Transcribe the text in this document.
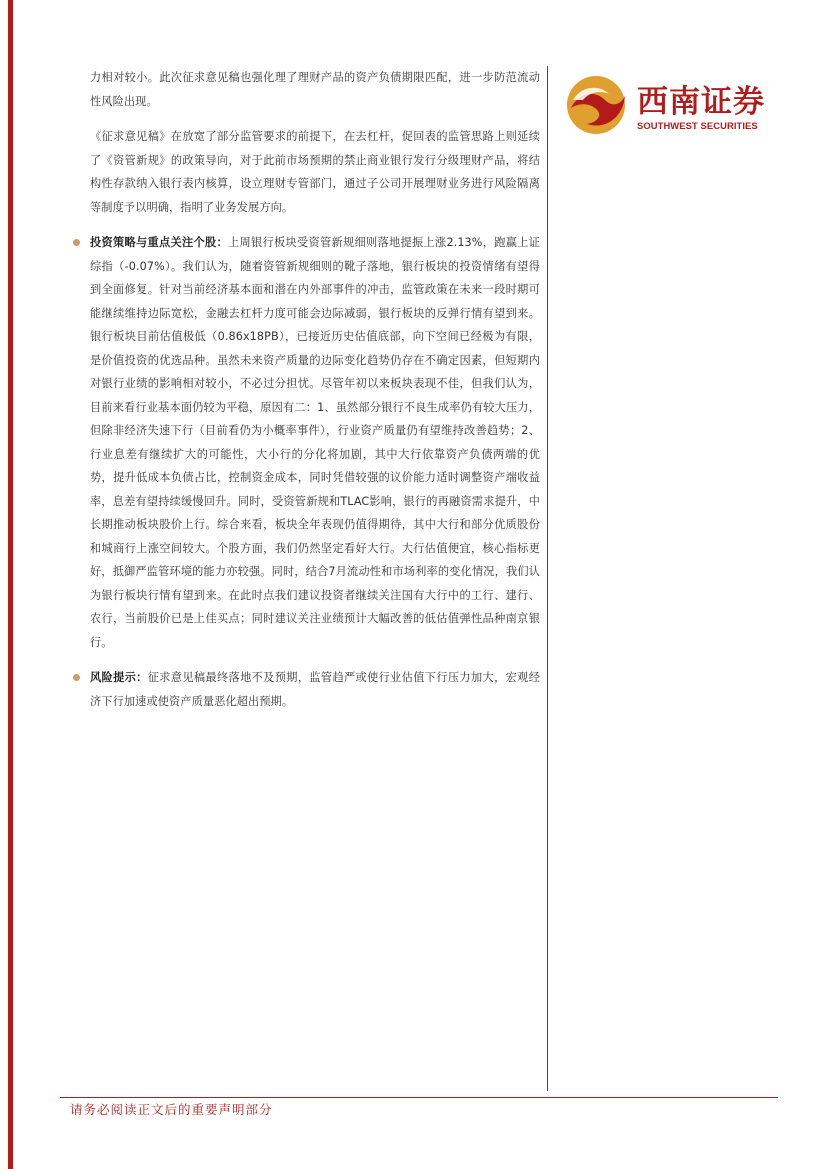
西南证券
SOUTHWEST SECURITIES

力相对较小。此次征求意见稿也强化理了理财产品的资产负债期限匹配，进一步防范流动性风险出现。

《征求意见稿》在放宽了部分监管要求的前提下，在去杠杆，促回表的监管思路上则延续了《资管新规》的政策导向，对于此前市场预期的禁止商业银行发行分级理财产品，将结构性存款纳入银行表内核算，设立理财专管部门，通过子公司开展理财业务进行风险隔离等制度予以明确，指明了业务发展方向。

投资策略与重点关注个股：上周银行板块受资管新规细则落地提振上涨2.13%，跑赢上证综指（-0.07%）。我们认为，随着资管新规细则的靴子落地，银行板块的投资情绪有望得到全面修复。针对当前经济基本面和潜在内外部事件的冲击，监管政策在未来一段时期可能继续维持边际宽松，金融去杠杆力度可能会边际减弱，银行板块的反弹行情有望到来。银行板块目前估值极低（0.86x18PB），已接近历史估值底部，向下空间已经极为有限，是价值投资的优选品种。虽然未来资产质量的边际变化趋势仍存在不确定因素，但短期内对银行业绩的影响相对较小，不必过分担忧。尽管年初以来板块表现不佳，但我们认为，目前来看行业基本面仍较为平稳，原因有二：1、虽然部分银行不良生成率仍有较大压力，但除非经济失速下行（目前看仍为小概率事件），行业资产质量仍有望维持改善趋势；2、行业息差有继续扩大的可能性，大小行的分化将加剧，其中大行依靠资产负债两端的优势，提升低成本负债占比，控制资金成本，同时凭借较强的议价能力适时调整资产端收益率，息差有望持续缓慢回升。同时，受资管新规和TLAC影响，银行的再融资需求提升，中长期推动板块股价上行。综合来看，板块全年表现仍值得期待，其中大行和部分优质股份和城商行上涨空间较大。个股方面，我们仍然坚定看好大行。大行估值便宜，核心指标更好，抵御严监管环境的能力亦较强。同时，结合7月流动性和市场利率的变化情况，我们认为银行板块行情有望到来。在此时点我们建议投资者继续关注国有大行中的工行、建行、农行，当前股价已是上佳买点；同时建议关注业绩预计大幅改善的低估值弹性品种南京银行。

风险提示：征求意见稿最终落地不及预期，监管趋严或使行业估值下行压力加大，宏观经济下行加速或使资产质量恶化超出预期。

请务必阅读正文后的重要声明部分
